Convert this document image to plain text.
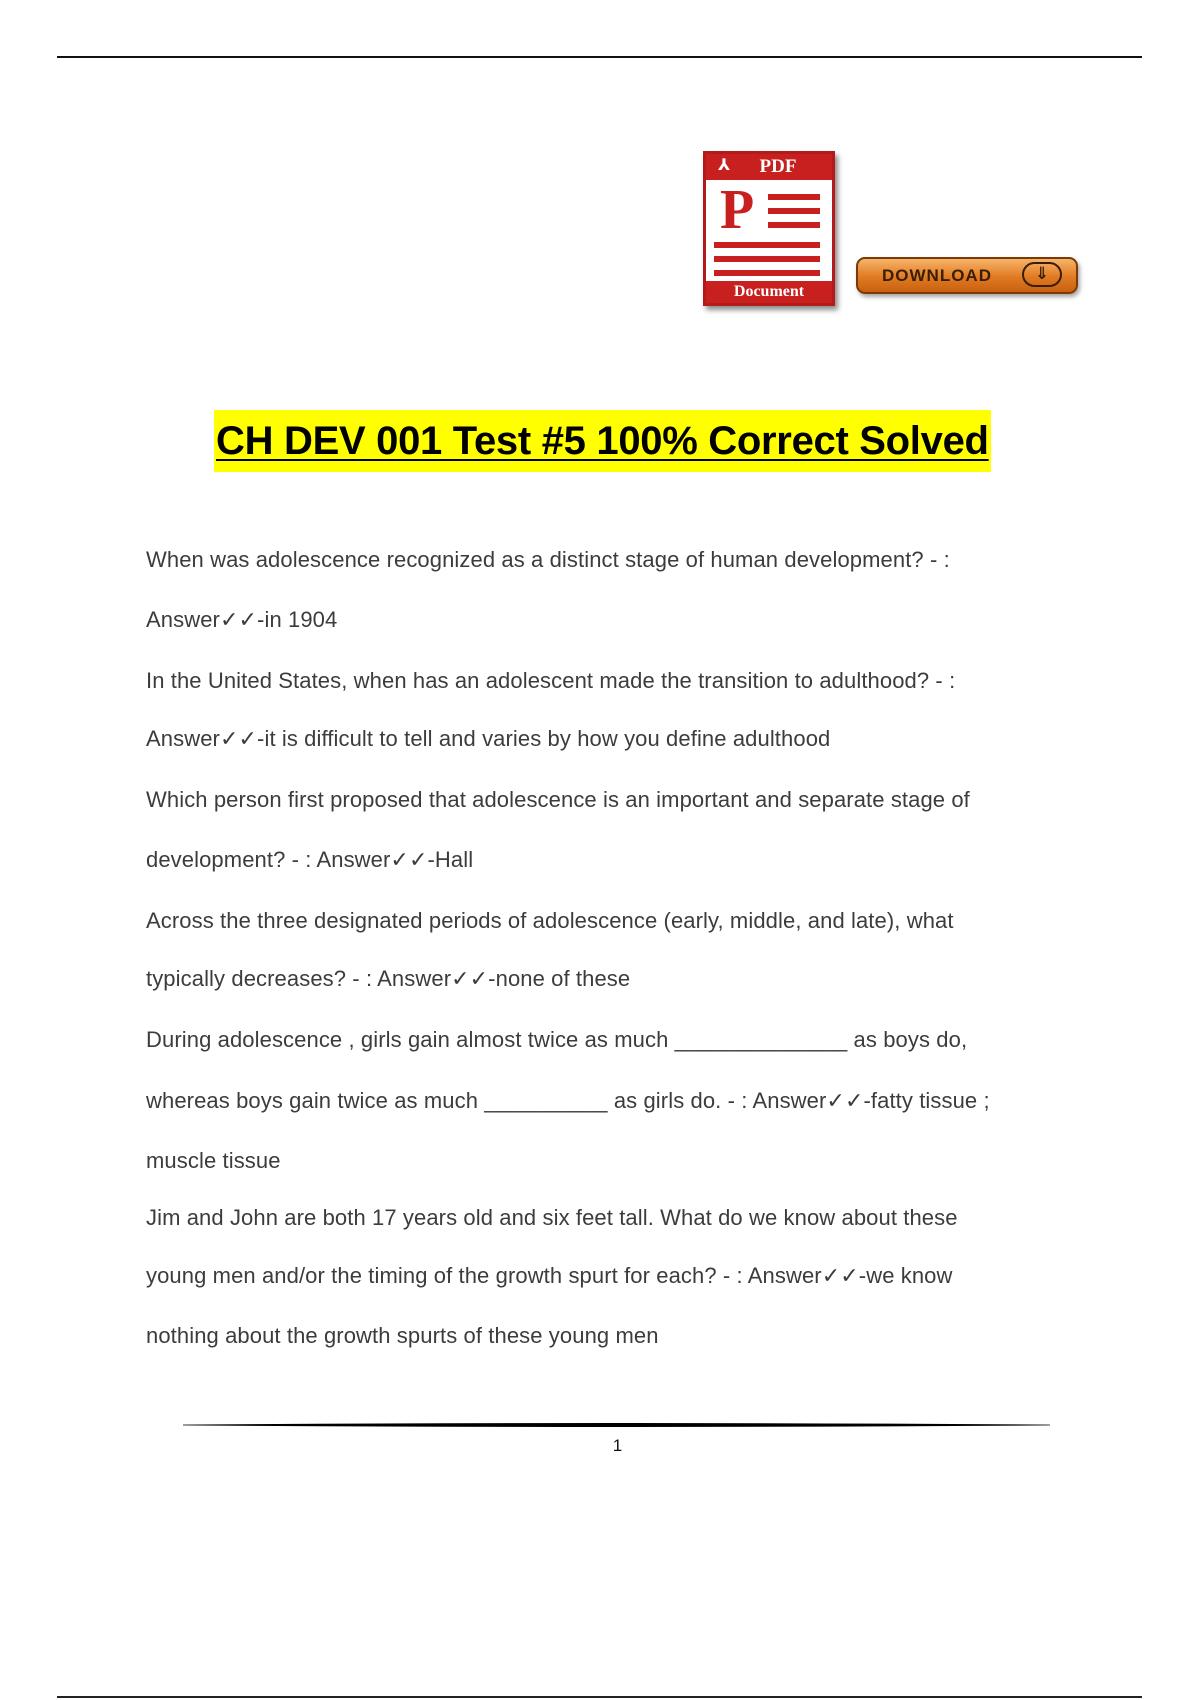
⅄ PDF
P
Document
DOWNLOAD	⇓
CH DEV 001 Test #5 100% Correct Solved
When was adolescence recognized as a distinct stage of human development? - :
Answer✓✓-in 1904
In the United States, when has an adolescent made the transition to adulthood? - :
Answer✓✓-it is difficult to tell and varies by how you define adulthood
Which person first proposed that adolescence is an important and separate stage of
development? - : Answer✓✓-Hall
Across the three designated periods of adolescence (early, middle, and late), what
typically decreases? - : Answer✓✓-none of these
During adolescence , girls gain almost twice as much ______________ as boys do,
whereas boys gain twice as much __________ as girls do. - : Answer✓✓-fatty tissue ;
muscle tissue
Jim and John are both 17 years old and six feet tall. What do we know about these
young men and/or the timing of the growth spurt for each? - : Answer✓✓-we know
nothing about the growth spurts of these young men
1
